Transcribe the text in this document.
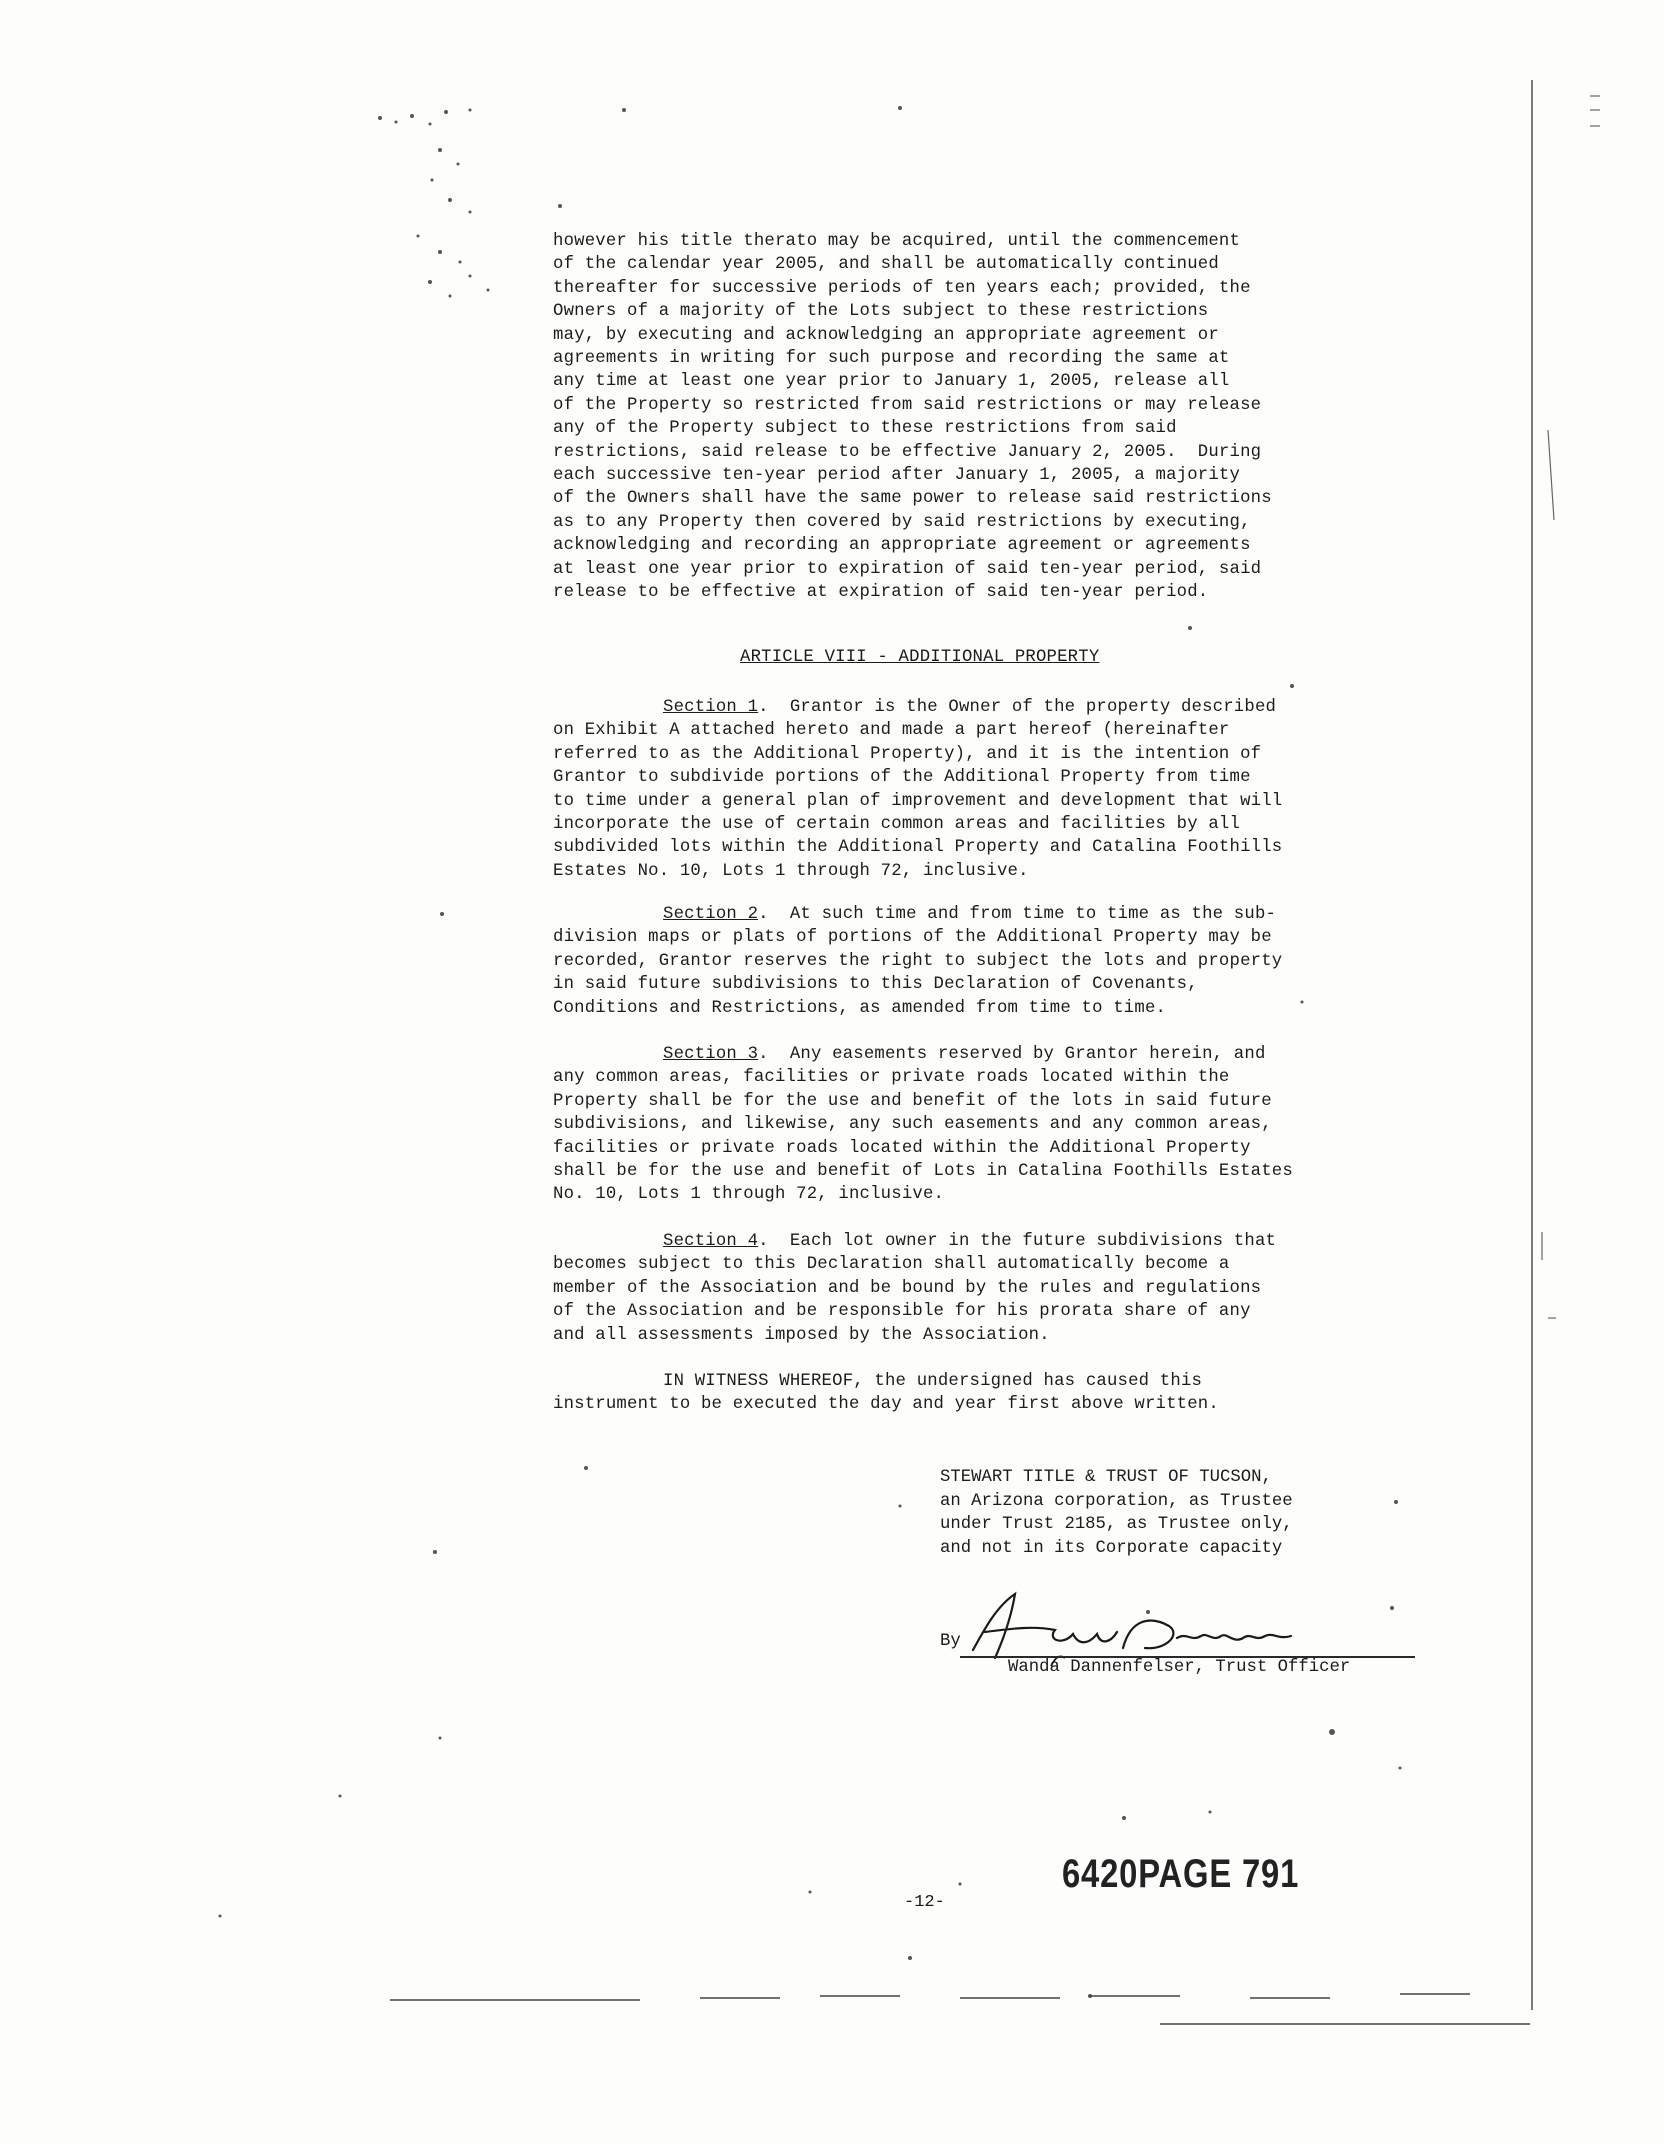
however his title therato may be acquired, until the commencement
of the calendar year 2005, and shall be automatically continued
thereafter for successive periods of ten years each; provided, the
Owners of a majority of the Lots subject to these restrictions
may, by executing and acknowledging an appropriate agreement or
agreements in writing for such purpose and recording the same at
any time at least one year prior to January 1, 2005, release all
of the Property so restricted from said restrictions or may release
any of the Property subject to these restrictions from said
restrictions, said release to be effective January 2, 2005.  During
each successive ten-year period after January 1, 2005, a majority
of the Owners shall have the same power to release said restrictions
as to any Property then covered by said restrictions by executing,
acknowledging and recording an appropriate agreement or agreements
at least one year prior to expiration of said ten-year period, said
release to be effective at expiration of said ten-year period.
ARTICLE VIII - ADDITIONAL PROPERTY
Section 1.  Grantor is the Owner of the property described
on Exhibit A attached hereto and made a part hereof (hereinafter
referred to as the Additional Property), and it is the intention of
Grantor to subdivide portions of the Additional Property from time
to time under a general plan of improvement and development that will
incorporate the use of certain common areas and facilities by all
subdivided lots within the Additional Property and Catalina Foothills
Estates No. 10, Lots 1 through 72, inclusive.
Section 2.  At such time and from time to time as the sub-
division maps or plats of portions of the Additional Property may be
recorded, Grantor reserves the right to subject the lots and property
in said future subdivisions to this Declaration of Covenants,
Conditions and Restrictions, as amended from time to time.
Section 3.  Any easements reserved by Grantor herein, and
any common areas, facilities or private roads located within the
Property shall be for the use and benefit of the lots in said future
subdivisions, and likewise, any such easements and any common areas,
facilities or private roads located within the Additional Property
shall be for the use and benefit of Lots in Catalina Foothills Estates
No. 10, Lots 1 through 72, inclusive.
Section 4.  Each lot owner in the future subdivisions that
becomes subject to this Declaration shall automatically become a
member of the Association and be bound by the rules and regulations
of the Association and be responsible for his prorata share of any
and all assessments imposed by the Association.
IN WITNESS WHEREOF, the undersigned has caused this
instrument to be executed the day and year first above written.
STEWART TITLE & TRUST OF TUCSON,
an Arizona corporation, as Trustee
under Trust 2185, as Trustee only,
and not in its Corporate capacity
By
Wanda Dannenfelser, Trust Officer
-12-
6420PAGE 791
